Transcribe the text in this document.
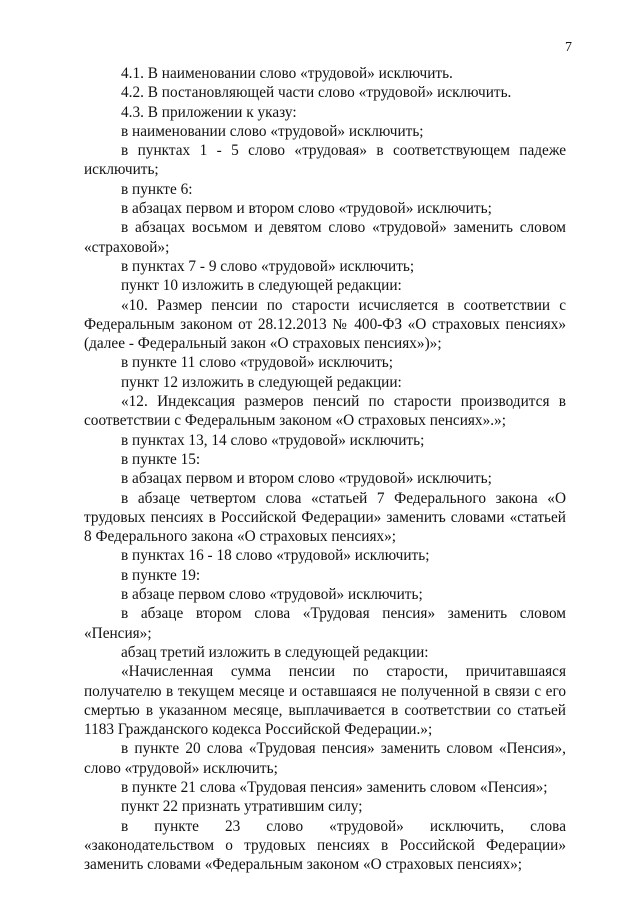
7

4.1. В наименовании слово «трудовой» исключить.

4.2. В постановляющей части слово «трудовой» исключить.

4.3. В приложении к указу:

в наименовании слово «трудовой» исключить;

в пунктах 1 - 5 слово «трудовая» в соответствующем падеже исключить;

в пункте 6:

в абзацах первом и втором слово «трудовой» исключить;

в абзацах восьмом и девятом слово «трудовой» заменить словом «страховой»;

в пунктах 7 - 9 слово «трудовой» исключить;

пункт 10 изложить в следующей редакции:

«10. Размер пенсии по старости исчисляется в соответствии с Федеральным законом от 28.12.2013 № 400-ФЗ «О страховых пенсиях» (далее - Федеральный закон «О страховых пенсиях»)»;

в пункте 11 слово «трудовой» исключить;

пункт 12 изложить в следующей редакции:

«12. Индексация размеров пенсий по старости производится в соответствии с Федеральным законом «О страховых пенсиях».»;

в пунктах 13, 14 слово «трудовой» исключить;

в пункте 15:

в абзацах первом и втором слово «трудовой» исключить;

в абзаце четвертом слова «статьей 7 Федерального закона «О трудовых пенсиях в Российской Федерации» заменить словами «статьей 8 Федерального закона «О страховых пенсиях»;

в пунктах 16 - 18 слово «трудовой» исключить;

в пункте 19:

в абзаце первом слово «трудовой» исключить;

в абзаце втором слова «Трудовая пенсия» заменить словом «Пенсия»;

абзац третий изложить в следующей редакции:

«Начисленная сумма пенсии по старости, причитавшаяся получателю в текущем месяце и оставшаяся не полученной в связи с его смертью в указанном месяце, выплачивается в соответствии со статьей 1183 Гражданского кодекса Российской Федерации.»;

в пункте 20 слова «Трудовая пенсия» заменить словом «Пенсия», слово «трудовой» исключить;

в пункте 21 слова «Трудовая пенсия» заменить словом «Пенсия»;

пункт 22 признать утратившим силу;

в пункте 23 слово «трудовой» исключить, слова «законодательством о трудовых пенсиях в Российской Федерации» заменить словами «Федеральным законом «О страховых пенсиях»;
